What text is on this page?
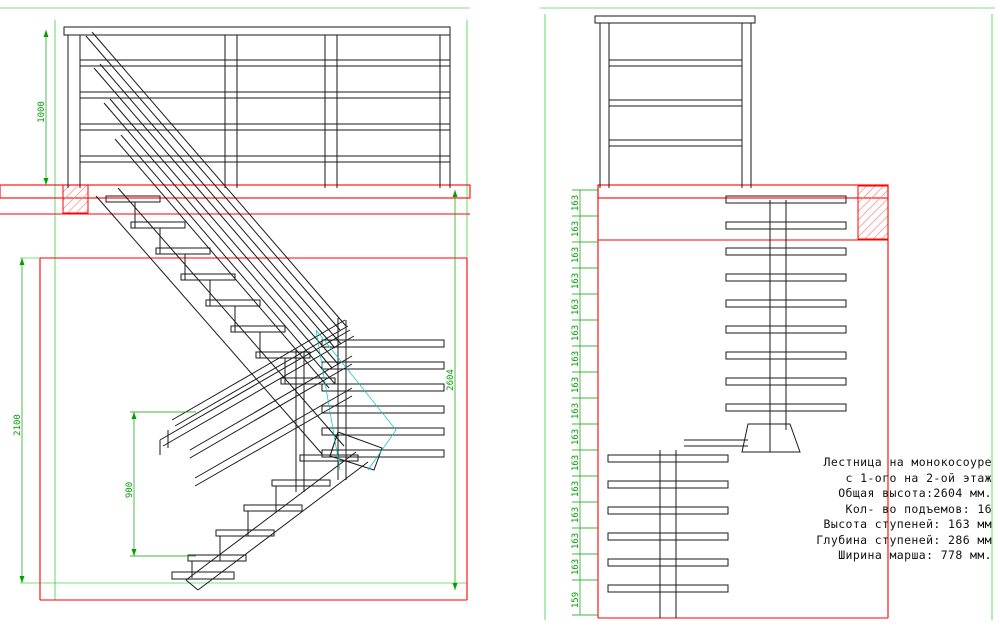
1000
2100
900
2604
163
163
163
163
163
163
163
163
163
163
163
163
163
163
163
159
Лестница на монокосоуре
с 1-ого на 2-ой этаж
Общая высота:2604 мм.
Кол- во подъемов: 16
Высота ступеней: 163 мм
Глубина ступеней: 286 мм
Ширина марша: 778 мм.
